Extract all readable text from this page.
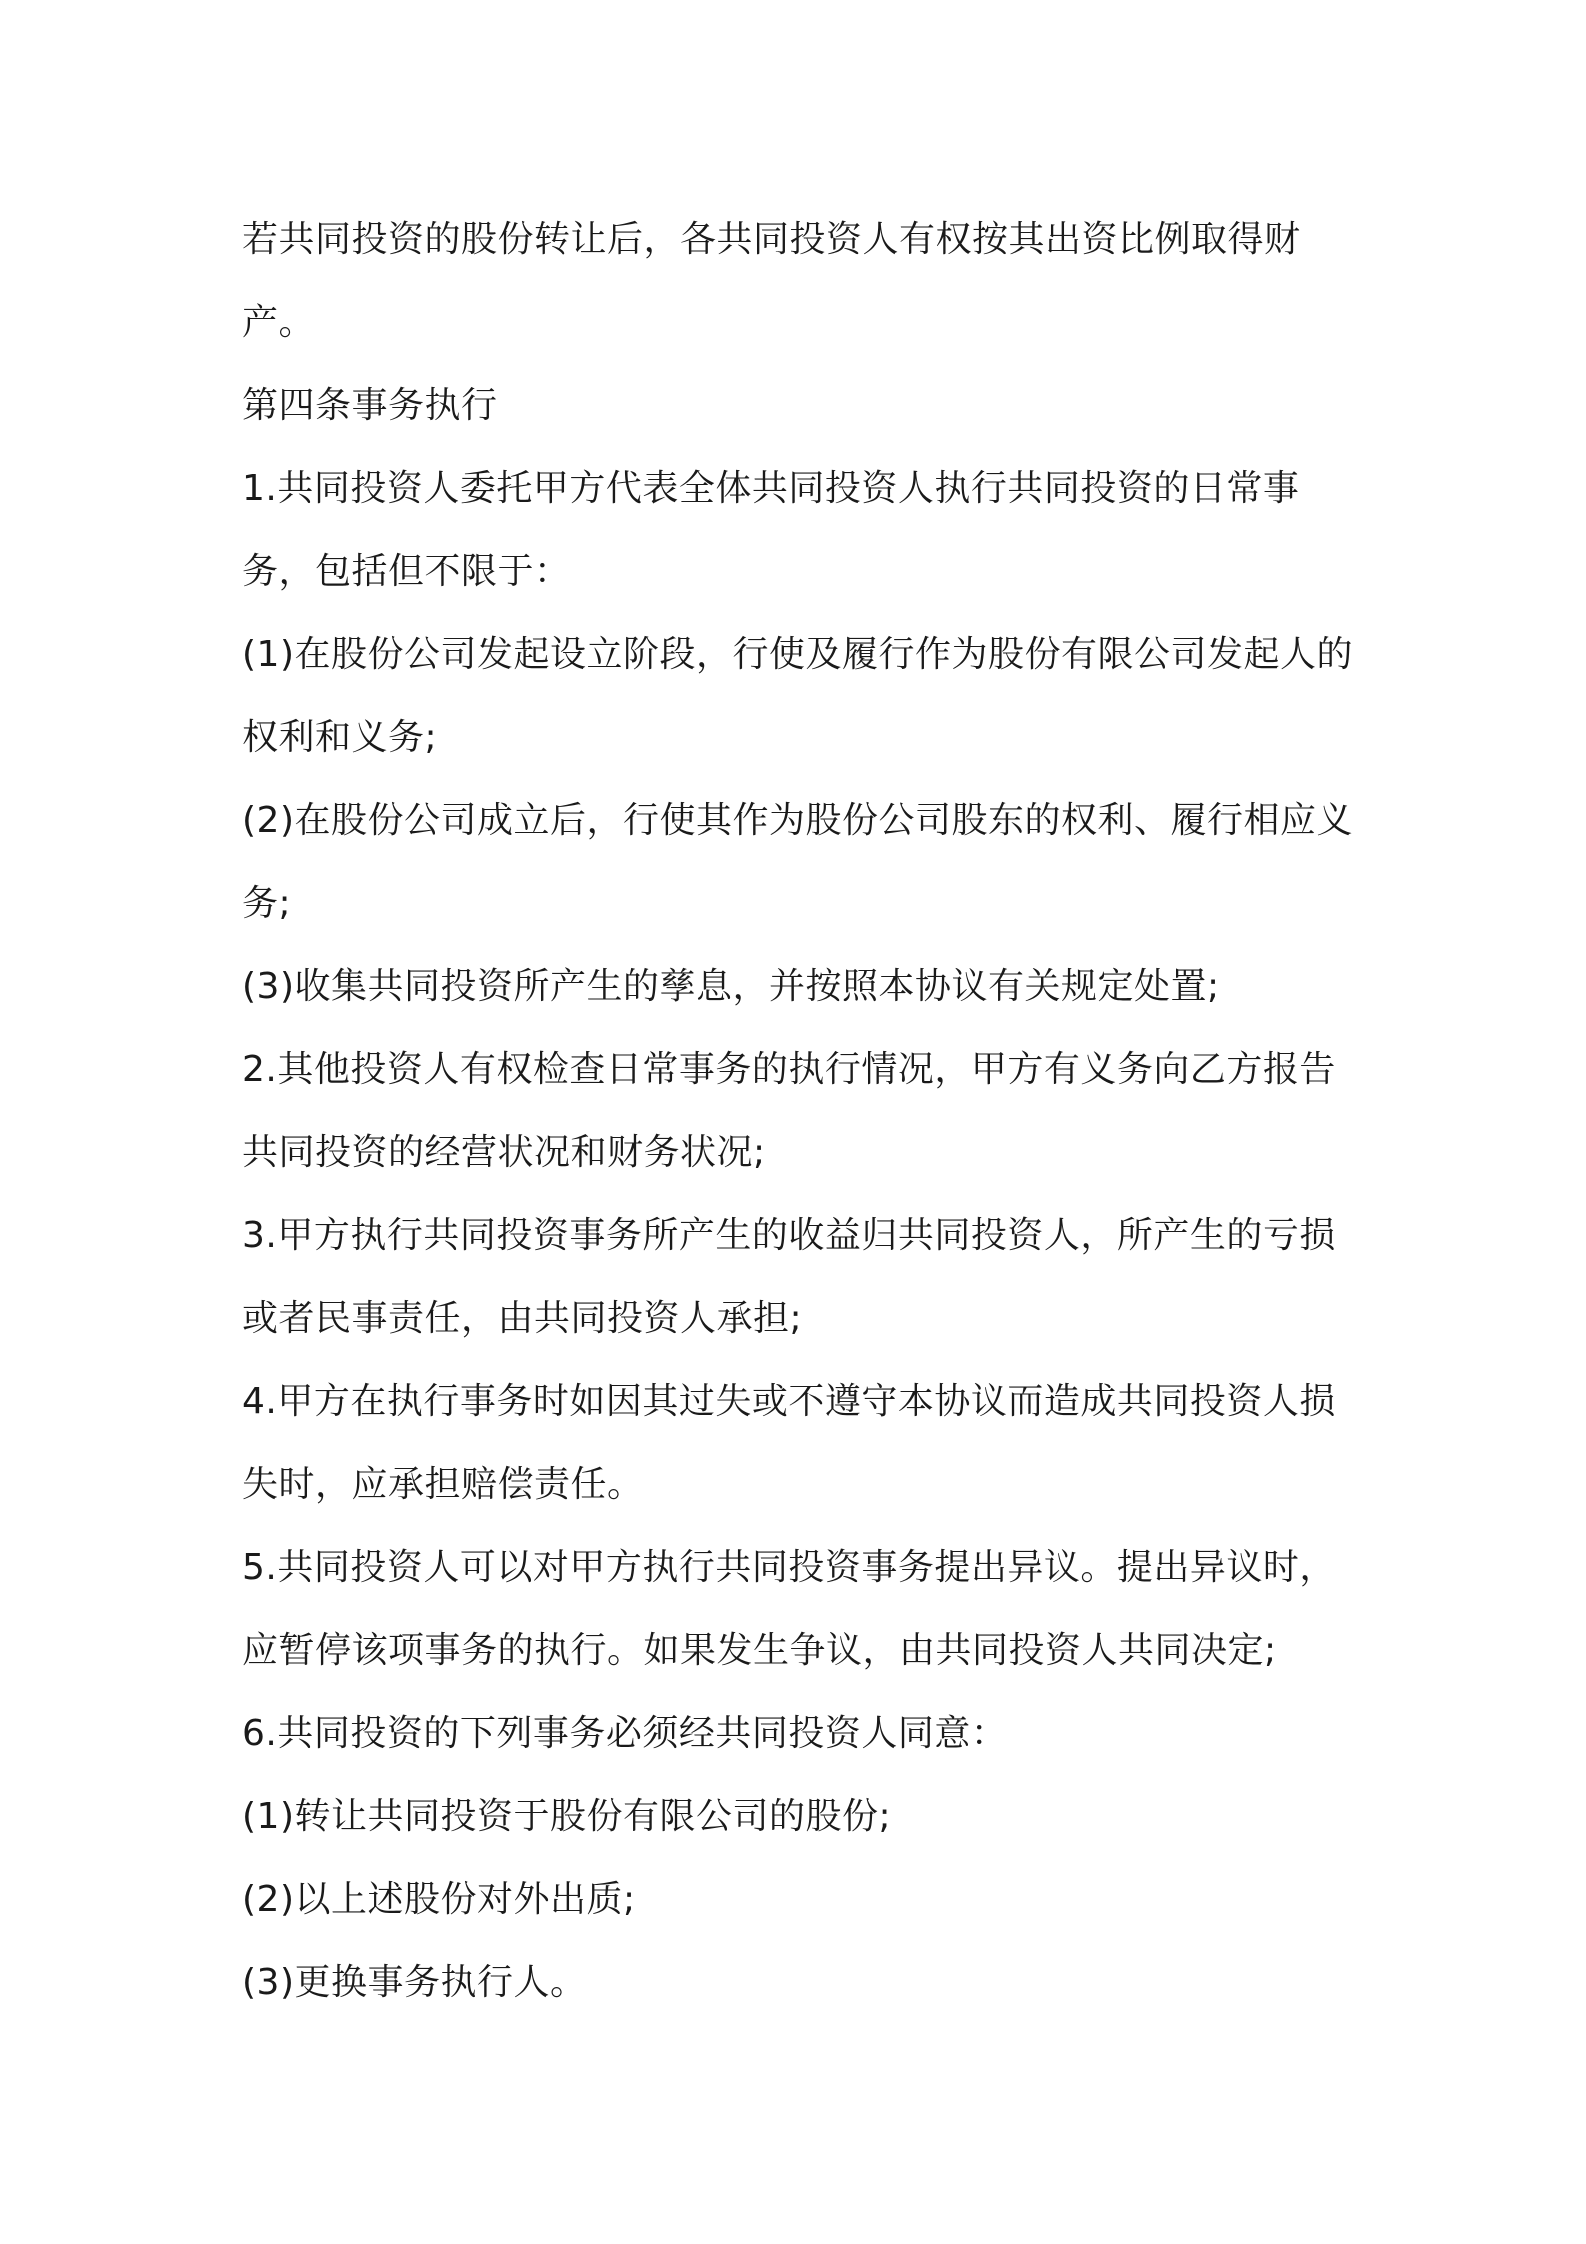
若共同投资的股份转让后，各共同投资人有权按其出资比例取得财产。

第四条事务执行

1.共同投资人委托甲方代表全体共同投资人执行共同投资的日常事务，包括但不限于：

(1)在股份公司发起设立阶段，行使及履行作为股份有限公司发起人的权利和义务;

(2)在股份公司成立后，行使其作为股份公司股东的权利、履行相应义务;

(3)收集共同投资所产生的孳息，并按照本协议有关规定处置;

2.其他投资人有权检查日常事务的执行情况，甲方有义务向乙方报告共同投资的经营状况和财务状况;

3.甲方执行共同投资事务所产生的收益归共同投资人，所产生的亏损或者民事责任，由共同投资人承担;

4.甲方在执行事务时如因其过失或不遵守本协议而造成共同投资人损失时，应承担赔偿责任。

5.共同投资人可以对甲方执行共同投资事务提出异议。提出异议时，应暂停该项事务的执行。如果发生争议，由共同投资人共同决定;

6.共同投资的下列事务必须经共同投资人同意：

(1)转让共同投资于股份有限公司的股份;

(2)以上述股份对外出质;

(3)更换事务执行人。
